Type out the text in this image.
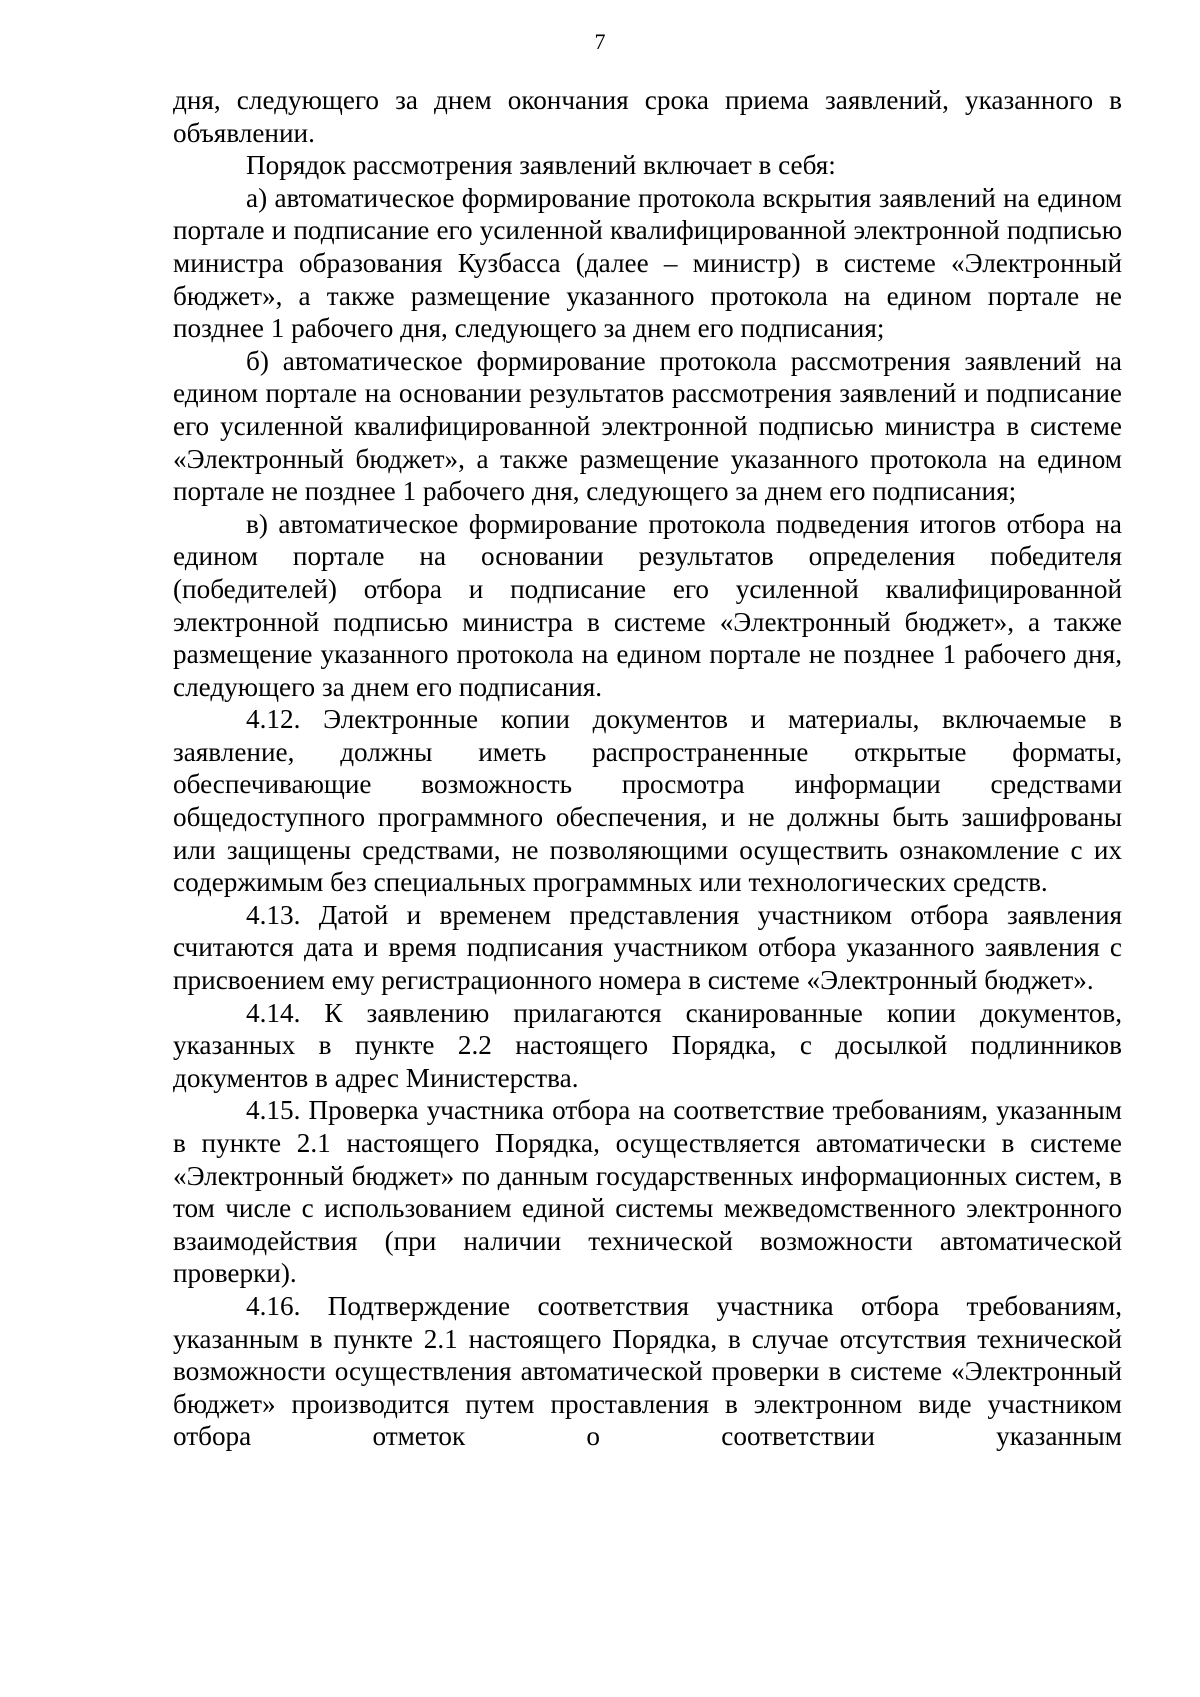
7

дня, следующего за днем окончания срока приема заявлений, указанного в объявлении.

Порядок рассмотрения заявлений включает в себя:

а) автоматическое формирование протокола вскрытия заявлений на едином портале и подписание его усиленной квалифицированной электронной подписью министра образования Кузбасса (далее – министр) в системе «Электронный бюджет», а также размещение указанного протокола на едином портале не позднее 1 рабочего дня, следующего за днем его подписания;

б) автоматическое формирование протокола рассмотрения заявлений на едином портале на основании результатов рассмотрения заявлений и подписание его усиленной квалифицированной электронной подписью министра в системе «Электронный бюджет», а также размещение указанного протокола на едином портале не позднее 1 рабочего дня, следующего за днем его подписания;

в) автоматическое формирование протокола подведения итогов отбора на едином портале на основании результатов определения победителя (победителей) отбора и подписание его усиленной квалифицированной электронной подписью министра в системе «Электронный бюджет», а также размещение указанного протокола на едином портале не позднее 1 рабочего дня, следующего за днем его подписания.

4.12. Электронные копии документов и материалы, включаемые в заявление, должны иметь распространенные открытые форматы, обеспечивающие возможность просмотра информации средствами общедоступного программного обеспечения, и не должны быть зашифрованы или защищены средствами, не позволяющими осуществить ознакомление с их содержимым без специальных программных или технологических средств.

4.13. Датой и временем представления участником отбора заявления считаются дата и время подписания участником отбора указанного заявления с присвоением ему регистрационного номера в системе «Электронный бюджет».

4.14. К заявлению прилагаются сканированные копии документов, указанных в пункте 2.2 настоящего Порядка, с досылкой подлинников документов в адрес Министерства.

4.15. Проверка участника отбора на соответствие требованиям, указанным в пункте 2.1 настоящего Порядка, осуществляется автоматически в системе «Электронный бюджет» по данным государственных информационных систем, в том числе с использованием единой системы межведомственного электронного взаимодействия (при наличии технической возможности автоматической проверки).

4.16. Подтверждение соответствия участника отбора требованиям, указанным в пункте 2.1 настоящего Порядка, в случае отсутствия технической возможности осуществления автоматической проверки в системе «Электронный бюджет» производится путем проставления в электронном виде участником отбора отметок о соответствии указанным
